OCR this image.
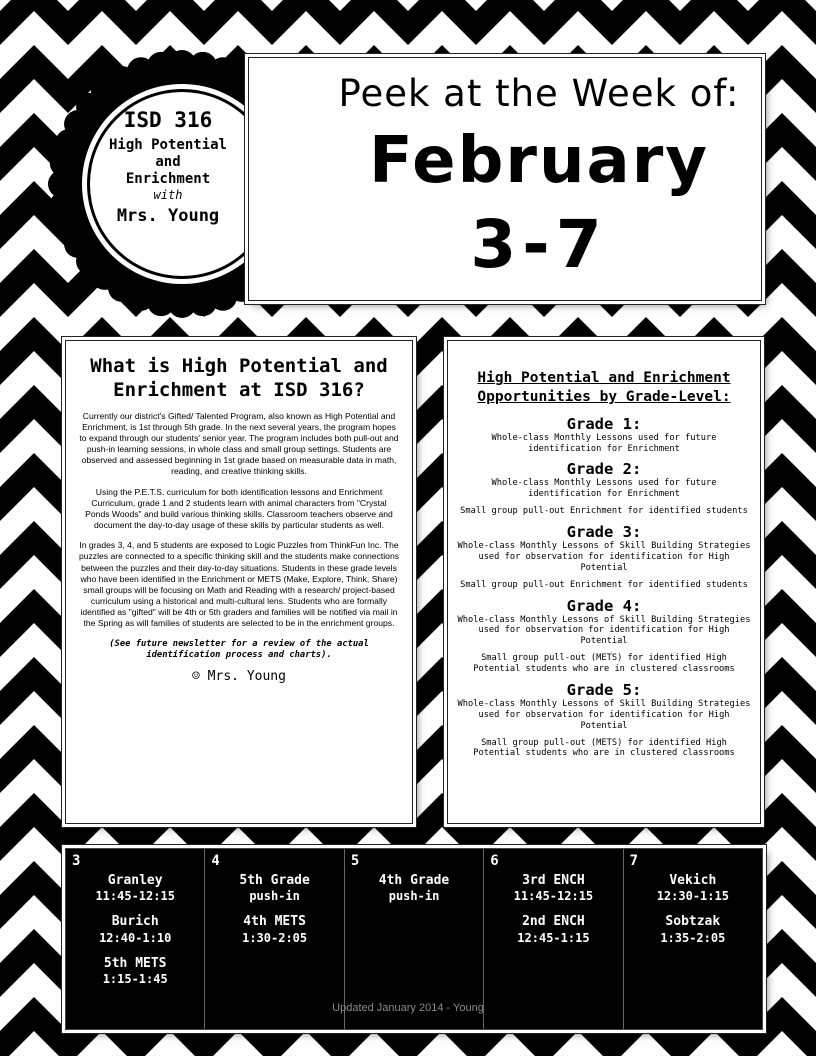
ISD 316
High Potential
and
Enrichment
with
Mrs. Young
Peek at the Week of:
February
3-7
What is High Potential and Enrichment at ISD 316?
Currently our district's Gifted/ Talented Program, also known as High Potential and Enrichment, is 1st through 5th grade. In the next several years, the program hopes to expand through our students' senior year. The program includes both pull-out and push-in learning sessions, in whole class and small group settings. Students are observed and assessed beginning in 1st grade based on measurable data in math, reading, and creative thinking skills.
Using the P.E.T.S. curriculum for both identification lessons and Enrichment Curriculum, grade 1 and 2 students learn with animal characters from "Crystal Ponds Woods" and build various thinking skills. Classroom teachers observe and document the day-to-day usage of these skills by particular students as well.
In grades 3, 4, and 5 students are exposed to Logic Puzzles from ThinkFun Inc. The puzzles are connected to a specific thinking skill and the students make connections between the puzzles and their day-to-day situations. Students in these grade levels who have been identified in the Enrichment or METS (Make, Explore, Think, Share) small groups will be focusing on Math and Reading with a research/ project-based curriculum using a historical and multi-cultural lens. Students who are formally identified as "gifted" will be 4th or 5th graders and families will be notified via mail in the Spring as will families of students are selected to be in the enrichment groups.
(See future newsletter for a review of the actual identification process and charts).
☺ Mrs. Young
High Potential and Enrichment Opportunities by Grade-Level:
Grade 1:
Whole-class Monthly Lessons used for future identification for Enrichment
Grade 2:
Whole-class Monthly Lessons used for future identification for Enrichment
Small group pull-out Enrichment for identified students
Grade 3:
Whole-class Monthly Lessons of Skill Building Strategies used for observation for identification for High Potential
Small group pull-out Enrichment for identified students
Grade 4:
Whole-class Monthly Lessons of Skill Building Strategies used for observation for identification for High Potential
Small group pull-out (METS) for identified High Potential students who are in clustered classrooms
Grade 5:
Whole-class Monthly Lessons of Skill Building Strategies used for observation for identification for High Potential
Small group pull-out (METS) for identified High Potential students who are in clustered classrooms
3
Granley
11:45-12:15
Burich
12:40-1:10
5th METS
1:15-1:45
4
5th Grade
push-in
4th METS
1:30-2:05
5
4th Grade
push-in
6
3rd ENCH
11:45-12:15
2nd ENCH
12:45-1:15
7
Vekich
12:30-1:15
Sobtzak
1:35-2:05
Updated January 2014 - Young
